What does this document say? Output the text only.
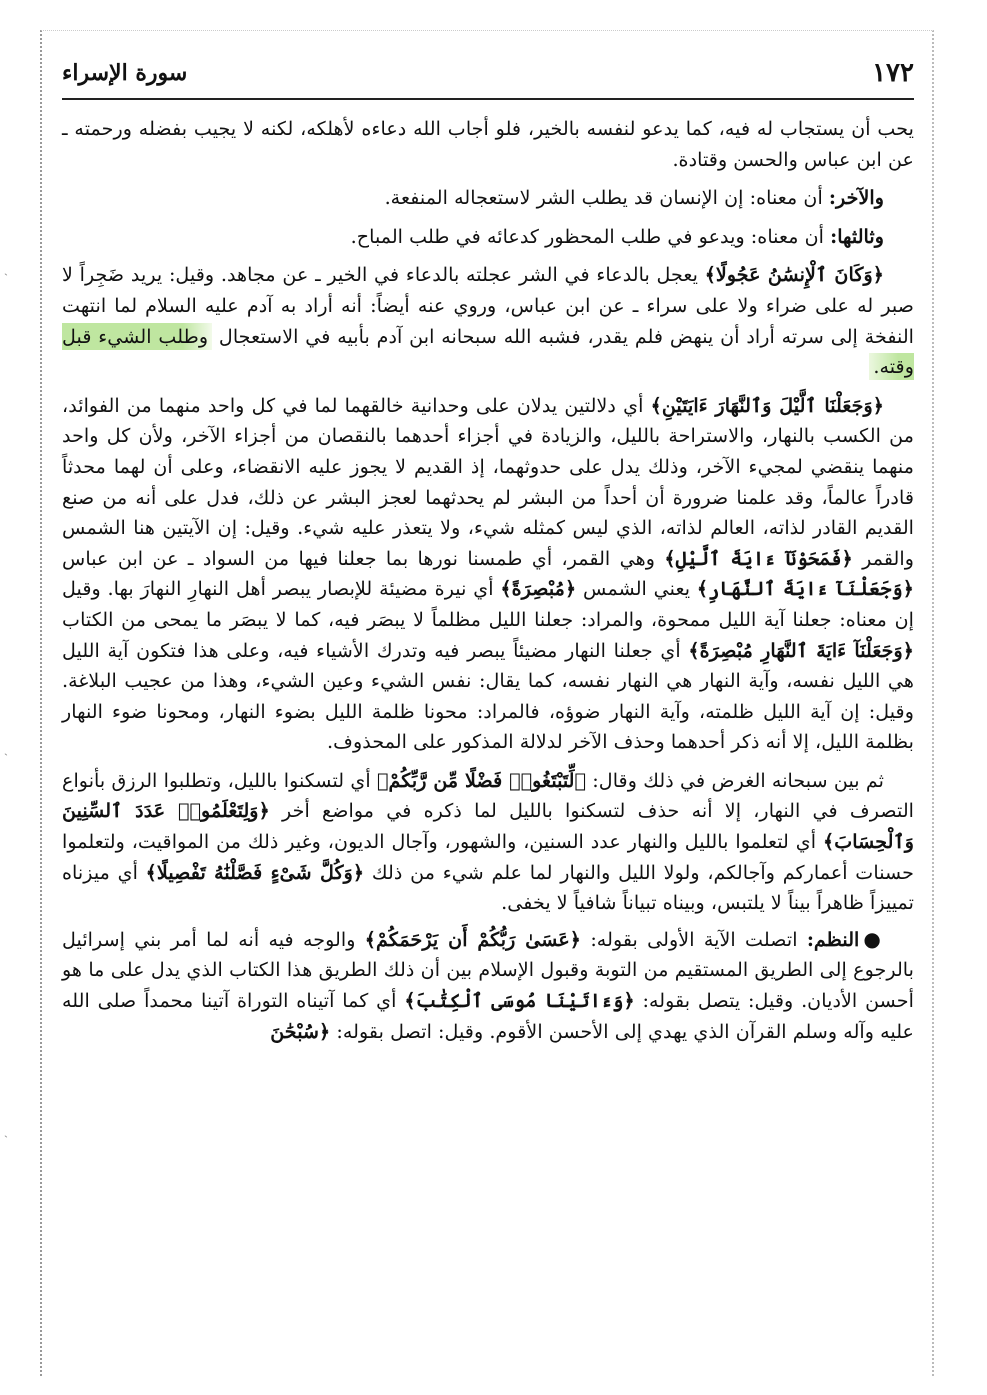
ˎ
ˎ
ˎ
سورة الإسراء	١٧٢

يحب أن يستجاب له فيه، كما يدعو لنفسه بالخير، فلو أجاب الله دعاءه لأهلكه، لكنه لا يجيب بفضله ورحمته ـ عن ابن عباس والحسن وقتادة.

والآخر: أن معناه: إن الإنسان قد يطلب الشر لاستعجاله المنفعة.

وثالثها: أن معناه: ويدعو في طلب المحظور كدعائه في طلب المباح.

﴿وَكَانَ ٱلْإِنسَٰنُ عَجُولًا﴾ يعجل بالدعاء في الشر عجلته بالدعاء في الخير ـ عن مجاهد. وقيل: يريد ضَجِراً لا صبر له على ضراء ولا على سراء ـ عن ابن عباس، وروي عنه أيضاً: أنه أراد به آدم عليه السلام لما انتهت النفخة إلى سرته أراد أن ينهض فلم يقدر، فشبه الله سبحانه ابن آدم بأبيه في الاستعجال وطلب الشيء قبل وقته.

﴿وَجَعَلْنَا ٱلَّيْلَ وَٱلنَّهَارَ ءَايَتَيْنِ﴾ أي دلالتين يدلان على وحدانية خالقهما لما في كل واحد منهما من الفوائد، من الكسب بالنهار، والاستراحة بالليل، والزيادة في أجزاء أحدهما بالنقصان من أجزاء الآخر، ولأن كل واحد منهما ينقضي لمجيء الآخر، وذلك يدل على حدوثهما، إذ القديم لا يجوز عليه الانقضاء، وعلى أن لهما محدثاً قادراً عالماً، وقد علمنا ضرورة أن أحداً من البشر لم يحدثهما لعجز البشر عن ذلك، فدل على أنه من صنع القديم القادر لذاته، العالم لذاته، الذي ليس كمثله شيء، ولا يتعذر عليه شيء. وقيل: إن الآيتين هنا الشمس والقمر ﴿فَمَحَوْنَآ ءَايَةَ ٱلَّيْلِ﴾ وهي القمر، أي طمسنا نورها بما جعلنا فيها من السواد ـ عن ابن عباس ﴿وَجَعَلْنَآ ءَايَةَ ٱلنَّهَارِ﴾ يعني الشمس ﴿مُبْصِرَةً﴾ أي نيرة مضيئة للإبصار يبصر أهل النهارِ النهارَ بها. وقيل إن معناه: جعلنا آية الليل ممحوة، والمراد: جعلنا الليل مظلماً لا يبصَر فيه، كما لا يبصَر ما يمحى من الكتاب ﴿وَجَعَلْنَآ ءَايَةَ ٱلنَّهَارِ مُبْصِرَةً﴾ أي جعلنا النهار مضيئاً يبصر فيه وتدرك الأشياء فيه، وعلى هذا فتكون آية الليل هي الليل نفسه، وآية النهار هي النهار نفسه، كما يقال: نفس الشيء وعين الشيء، وهذا من عجيب البلاغة. وقيل: إن آية الليل ظلمته، وآية النهار ضوؤه، فالمراد: محونا ظلمة الليل بضوء النهار، ومحونا ضوء النهار بظلمة الليل، إلا أنه ذكر أحدهما وحذف الآخر لدلالة المذكور على المحذوف.

ثم بين سبحانه الغرض في ذلك وقال: ﴿لِّتَبْتَغُوا۟ فَضْلًا مِّن رَّبِّكُمْ﴾ أي لتسكنوا بالليل، وتطلبوا الرزق بأنواع التصرف في النهار، إلا أنه حذف لتسكنوا بالليل لما ذكره في مواضع أخر ﴿وَلِتَعْلَمُوا۟ عَدَدَ ٱلسِّنِينَ وَٱلْحِسَابَ﴾ أي لتعلموا بالليل والنهار عدد السنين، والشهور، وآجال الديون، وغير ذلك من المواقيت، ولتعلموا حسنات أعماركم وآجالكم، ولولا الليل والنهار لما علم شيء من ذلك ﴿وَكُلَّ شَىْءٍ فَصَّلْنَٰهُ تَفْصِيلًا﴾ أي ميزناه تمييزاً ظاهراً بيناً لا يلتبس، وبيناه تبياناً شافياً لا يخفى.

●النظم: اتصلت الآية الأولى بقوله: ﴿عَسَىٰ رَبُّكُمْ أَن يَرْحَمَكُمْ﴾ والوجه فيه أنه لما أمر بني إسرائيل بالرجوع إلى الطريق المستقيم من التوبة وقبول الإسلام بين أن ذلك الطريق هذا الكتاب الذي يدل على ما هو أحسن الأديان. وقيل: يتصل بقوله: ﴿وَءَاتَيْنَا مُوسَى ٱلْكِتَٰبَ﴾ أي كما آتيناه التوراة آتينا محمداً صلى الله عليه وآله وسلم القرآن الذي يهدي إلى الأحسن الأقوم. وقيل: اتصل بقوله: ﴿سُبْحَٰنَ
